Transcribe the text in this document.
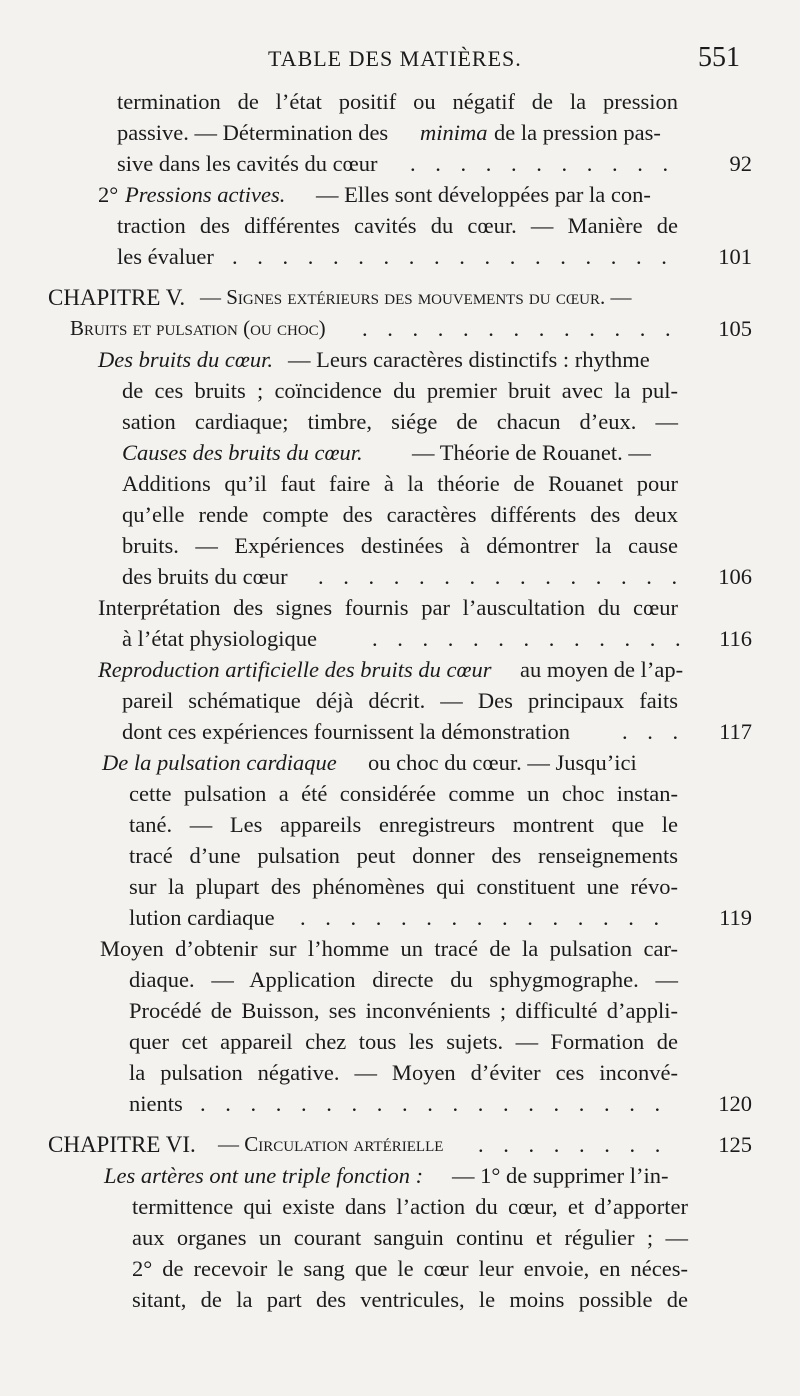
TABLE DES MATIÈRES.	551
termination de l’état positif ou négatif de la pression
passive. — Détermination des minima de la pression pas-
sive dans les cavités du cœur . . .	92
2° Pressions actives. — Elles sont développées par la con-
traction des différentes cavités du cœur. — Manière de
les évaluer . . .	101
CHAPITRE V. — Signes extérieurs des mouvements du cœur. —
Bruits et pulsation (ou choc) . . .	105
Des bruits du cœur. — Leurs caractères distinctifs : rhythme
de ces bruits ; coïncidence du premier bruit avec la pul-
sation cardiaque; timbre, siége de chacun d’eux. —
Causes des bruits du cœur. — Théorie de Rouanet. —
Additions qu’il faut faire à la théorie de Rouanet pour
qu’elle rende compte des caractères différents des deux
bruits. — Expériences destinées à démontrer la cause
des bruits du cœur . . .	106
Interprétation des signes fournis par l’auscultation du cœur
à l’état physiologique . . .	116
Reproduction artificielle des bruits du cœur au moyen de l’ap-
pareil schématique déjà décrit. — Des principaux faits
dont ces expériences fournissent la démonstration . . .	117
De la pulsation cardiaque ou choc du cœur. — Jusqu’ici
cette pulsation a été considérée comme un choc instan-
tané. — Les appareils enregistreurs montrent que le
tracé d’une pulsation peut donner des renseignements
sur la plupart des phénomènes qui constituent une révo-
lution cardiaque . . .	119
Moyen d’obtenir sur l’homme un tracé de la pulsation car-
diaque. — Application directe du sphygmographe. —
Procédé de Buisson, ses inconvénients ; difficulté d’appli-
quer cet appareil chez tous les sujets. — Formation de
la pulsation négative. — Moyen d’éviter ces inconvé-
nients . . .	120
CHAPITRE VI. — Circulation artérielle . . .	125
Les artères ont une triple fonction : — 1° de supprimer l’in-
termittence qui existe dans l’action du cœur, et d’apporter
aux organes un courant sanguin continu et régulier ; —
2° de recevoir le sang que le cœur leur envoie, en néces-
sitant, de la part des ventricules, le moins possible de
